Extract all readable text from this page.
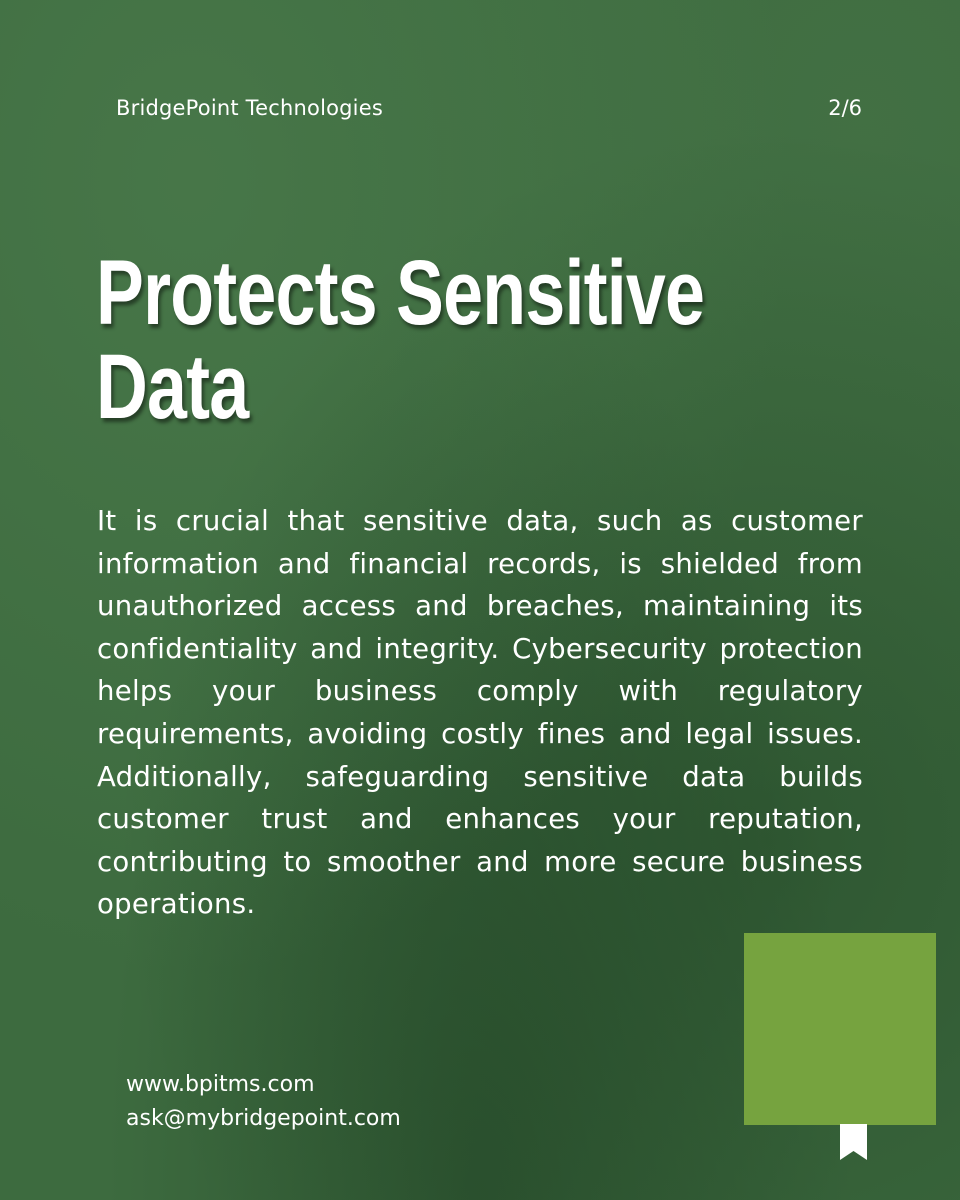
BridgePoint Technologies	2/6
Protects Sensitive
Data

It is crucial that sensitive data, such as customer information and financial records, is shielded from unauthorized access and breaches, maintaining its confidentiality and integrity. Cybersecurity protection helps your business comply with regulatory requirements, avoiding costly fines and legal issues. Additionally, safeguarding sensitive data builds customer trust and enhances your reputation, contributing to smoother and more secure business operations.

www.bpitms.com
ask@mybridgepoint.com
